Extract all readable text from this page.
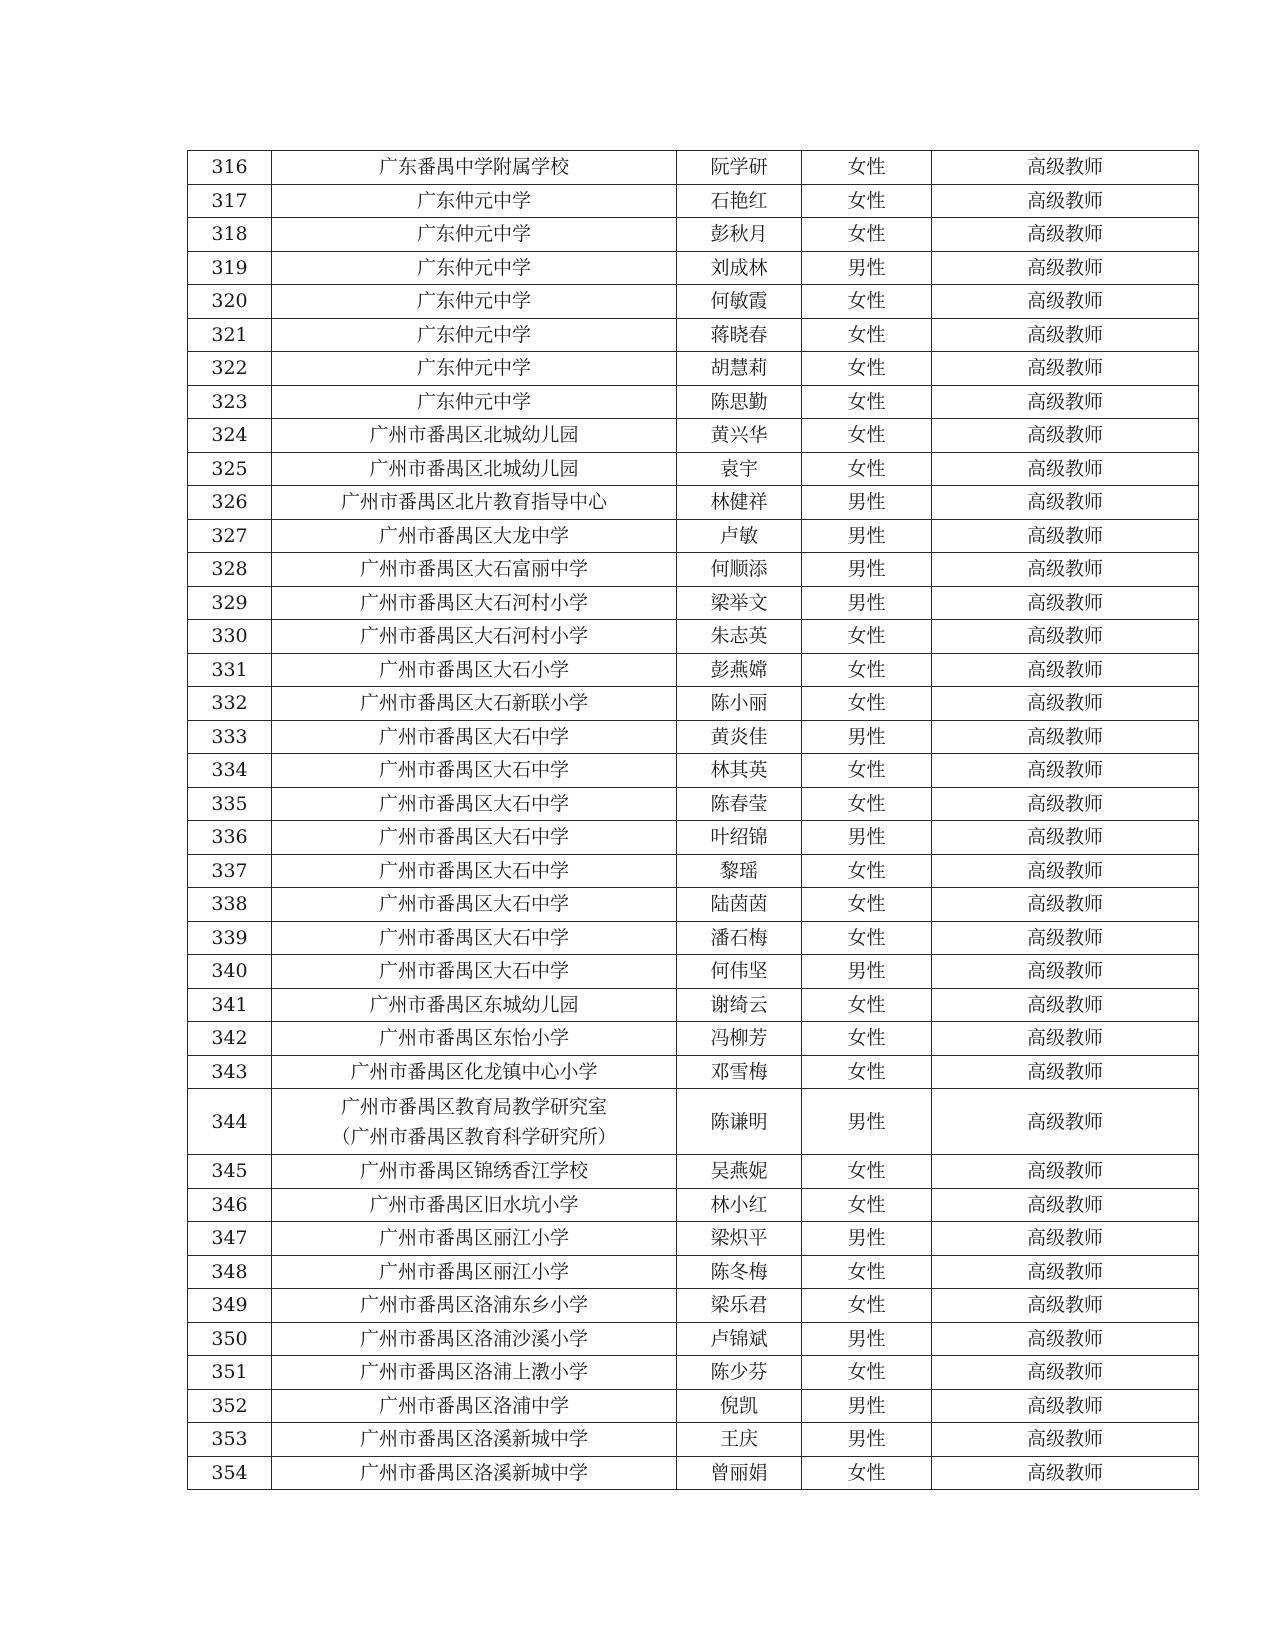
316	广东番禺中学附属学校	阮学研	女性	高级教师
317	广东仲元中学	石艳红	女性	高级教师
318	广东仲元中学	彭秋月	女性	高级教师
319	广东仲元中学	刘成林	男性	高级教师
320	广东仲元中学	何敏霞	女性	高级教师
321	广东仲元中学	蒋晓春	女性	高级教师
322	广东仲元中学	胡慧莉	女性	高级教师
323	广东仲元中学	陈思勤	女性	高级教师
324	广州市番禺区北城幼儿园	黄兴华	女性	高级教师
325	广州市番禺区北城幼儿园	袁宇	女性	高级教师
326	广州市番禺区北片教育指导中心	林健祥	男性	高级教师
327	广州市番禺区大龙中学	卢敏	男性	高级教师
328	广州市番禺区大石富丽中学	何顺添	男性	高级教师
329	广州市番禺区大石河村小学	梁举文	男性	高级教师
330	广州市番禺区大石河村小学	朱志英	女性	高级教师
331	广州市番禺区大石小学	彭燕嫦	女性	高级教师
332	广州市番禺区大石新联小学	陈小丽	女性	高级教师
333	广州市番禺区大石中学	黄炎佳	男性	高级教师
334	广州市番禺区大石中学	林其英	女性	高级教师
335	广州市番禺区大石中学	陈春莹	女性	高级教师
336	广州市番禺区大石中学	叶绍锦	男性	高级教师
337	广州市番禺区大石中学	黎瑶	女性	高级教师
338	广州市番禺区大石中学	陆茵茵	女性	高级教师
339	广州市番禺区大石中学	潘石梅	女性	高级教师
340	广州市番禺区大石中学	何伟坚	男性	高级教师
341	广州市番禺区东城幼儿园	谢绮云	女性	高级教师
342	广州市番禺区东怡小学	冯柳芳	女性	高级教师
343	广州市番禺区化龙镇中心小学	邓雪梅	女性	高级教师
344	广州市番禺区教育局教学研究室
（广州市番禺区教育科学研究所）	陈谦明	男性	高级教师
345	广州市番禺区锦绣香江学校	吴燕妮	女性	高级教师
346	广州市番禺区旧水坑小学	林小红	女性	高级教师
347	广州市番禺区丽江小学	梁炽平	男性	高级教师
348	广州市番禺区丽江小学	陈冬梅	女性	高级教师
349	广州市番禺区洛浦东乡小学	梁乐君	女性	高级教师
350	广州市番禺区洛浦沙溪小学	卢锦斌	男性	高级教师
351	广州市番禺区洛浦上漖小学	陈少芬	女性	高级教师
352	广州市番禺区洛浦中学	倪凯	男性	高级教师
353	广州市番禺区洛溪新城中学	王庆	男性	高级教师
354	广州市番禺区洛溪新城中学	曾丽娟	女性	高级教师
